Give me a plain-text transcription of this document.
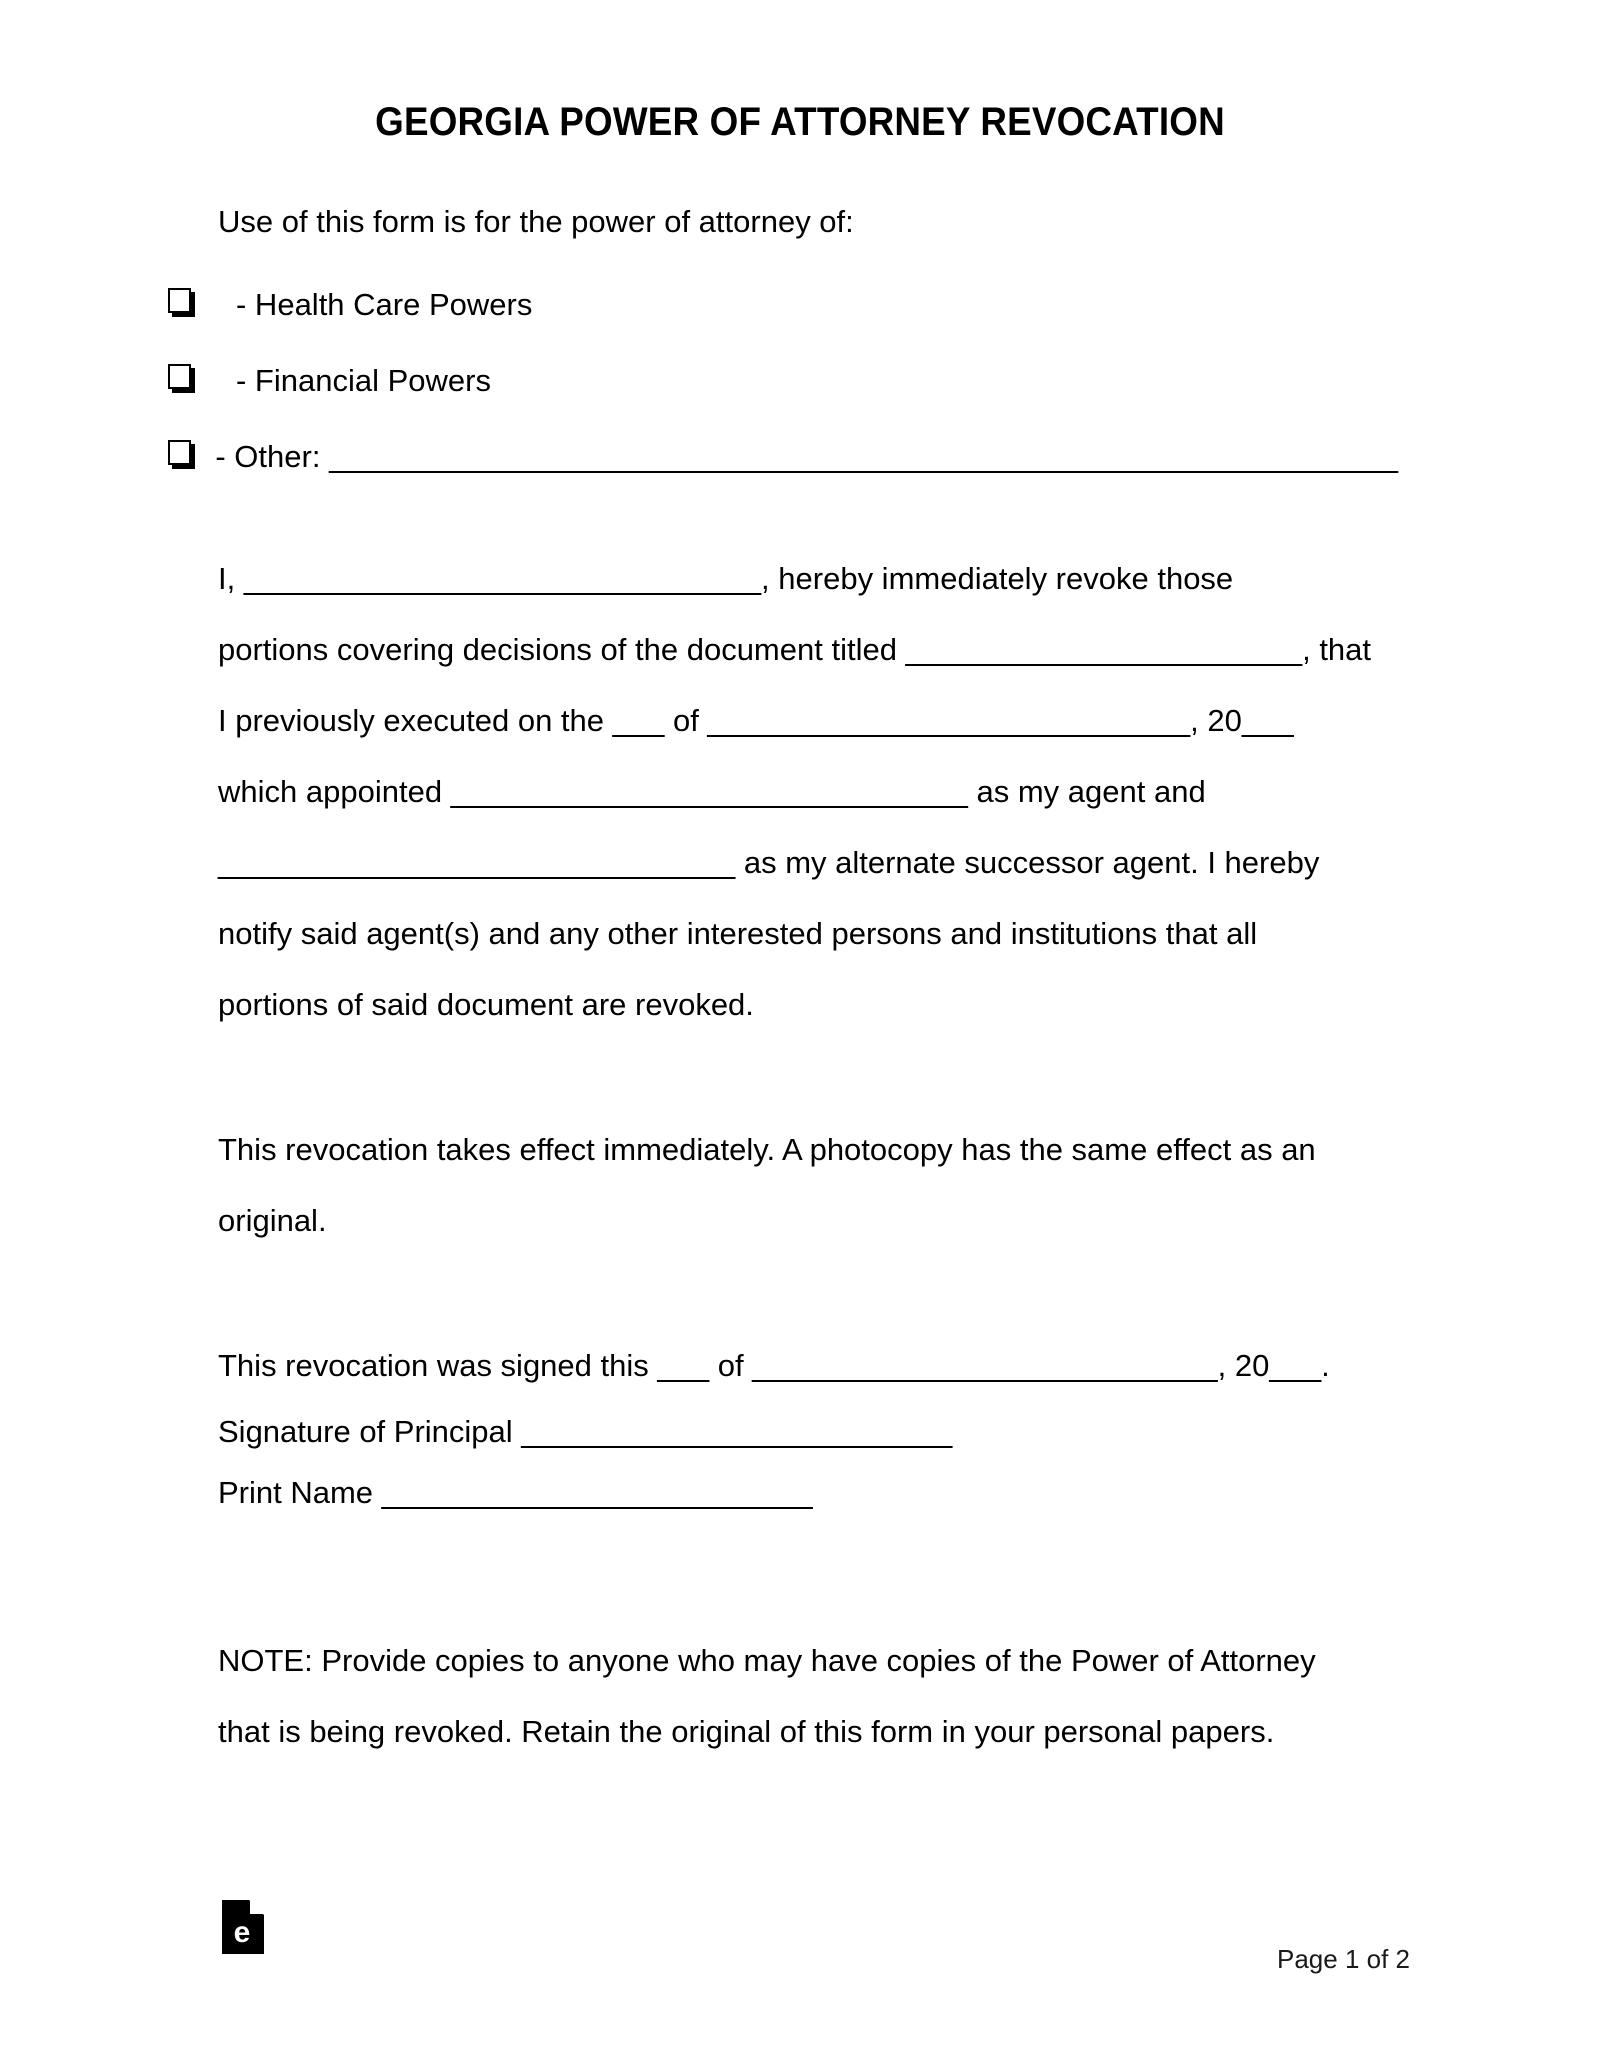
GEORGIA POWER OF ATTORNEY REVOCATION
Use of this form is for the power of attorney of:
- Health Care Powers
- Financial Powers
- Other: ______________________________________________________________
I, ______________________________, hereby immediately revoke those
portions covering decisions of the document titled _______________________, that
I previously executed on the ___ of ____________________________, 20___
which appointed ______________________________ as my agent and
______________________________ as my alternate successor agent. I hereby
notify said agent(s) and any other interested persons and institutions that all
portions of said document are revoked.
This revocation takes effect immediately. A photocopy has the same effect as an
original.
This revocation was signed this ___ of ___________________________, 20___.
Signature of Principal _________________________
Print Name _________________________
NOTE: Provide copies to anyone who may have copies of the Power of Attorney
that is being revoked. Retain the original of this form in your personal papers.
e
Page 1 of 2
